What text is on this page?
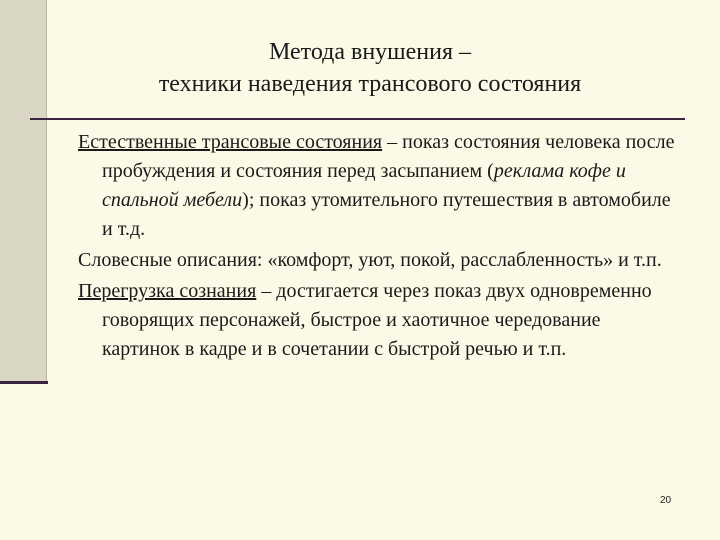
Метода внушения –
техники наведения трансового состояния

Естественные трансовые состояния – показ состояния человека после пробуждения и состояния перед засыпанием (реклама кофе и спальной мебели); показ утомительного путешествия в автомобиле и т.д.

Словесные описания: «комфорт, уют, покой, расслабленность» и т.п.

Перегрузка сознания – достигается через показ двух одновременно говорящих персонажей, быстрое и хаотичное чередование картинок в кадре и в сочетании с быстрой речью и т.п.

20
